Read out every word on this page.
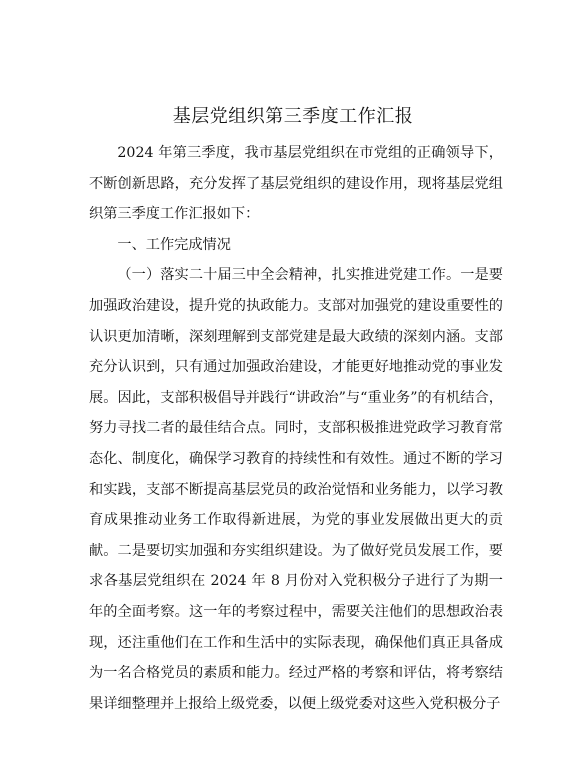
基层党组织第三季度工作汇报

2024 年第三季度，我市基层党组织在市党组的正确领导下，不断创新思路，充分发挥了基层党组织的建设作用，现将基层党组织第三季度工作汇报如下：

一、工作完成情况

（一）落实二十届三中全会精神，扎实推进党建工作。一是要加强政治建设，提升党的执政能力。支部对加强党的建设重要性的认识更加清晰，深刻理解到支部党建是最大政绩的深刻内涵。支部充分认识到，只有通过加强政治建设，才能更好地推动党的事业发展。因此，支部积极倡导并践行“讲政治”与“重业务”的有机结合，努力寻找二者的最佳结合点。同时，支部积极推进党政学习教育常态化、制度化，确保学习教育的持续性和有效性。通过不断的学习和实践，支部不断提高基层党员的政治觉悟和业务能力，以学习教育成果推动业务工作取得新进展，为党的事业发展做出更大的贡献。二是要切实加强和夯实组织建设。为了做好党员发展工作，要求各基层党组织在 2024 年 8 月份对入党积极分子进行了为期一年的全面考察。这一年的考察过程中，需要关注他们的思想政治表现，还注重他们在工作和生活中的实际表现，确保他们真正具备成为一名合格党员的素质和能力。经过严格的考察和评估，将考察结果详细整理并上报给上级党委，以便上级党委对这些入党积极分子
